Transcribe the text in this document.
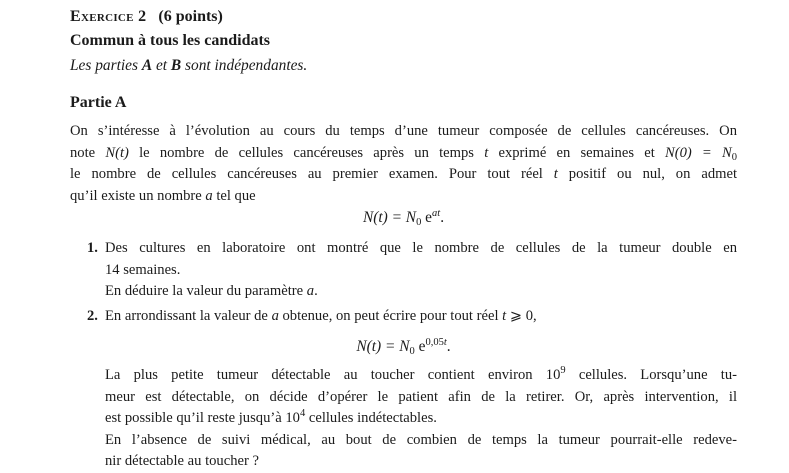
Exercice 2 (6 points)
Commun à tous les candidats
Les parties A et B sont indépendantes.
Partie A
On s’intéresse à l’évolution au cours du temps d’une tumeur composée de cellules cancéreuses. On
note N(t) le nombre de cellules cancéreuses après un temps t exprimé en semaines et $N(0) = N_0$
le nombre de cellules cancéreuses au premier examen. Pour tout réel t positif ou nul, on admet
qu’il existe un nombre a tel que
N(t) = N0 $e^{at}$.
1. Des cultures en laboratoire ont montré que le nombre de cellules de la tumeur double en
14 semaines.
En déduire la valeur du paramètre a.
2. En arrondissant la valeur de a obtenue, on peut écrire pour tout réel t ⩾ 0,
N(t) = N0 $e^{0,05t}$.
La plus petite tumeur détectable au toucher contient environ $10^9$ cellules. Lorsqu’une tu-
meur est détectable, on décide d’opérer le patient afin de la retirer. Or, après intervention, il
est possible qu’il reste jusqu’à $10^4$ cellules indétectables.
En l’absence de suivi médical, au bout de combien de temps la tumeur pourrait-elle redeve-
nir détectable au toucher ?
